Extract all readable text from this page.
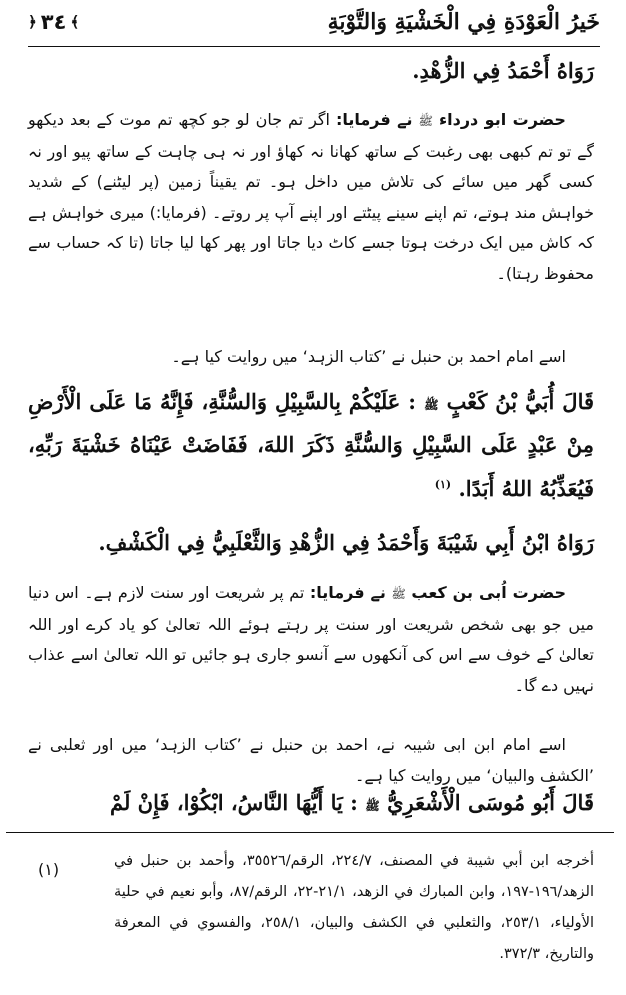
خَيرُ الْعَوْدَةِ فِي الْخَشْيَةِ وَالتَّوْبَةِ
﴾
٣٤
﴿
رَوَاهُ أَحْمَدُ فِي الزُّهْدِ.
حضرت ابو درداء ﷺ نے فرمایا: اگر تم جان لو جو کچھ تم موت کے بعد دیکھو گے تو تم کبھی بھی رغبت کے ساتھ کھانا نہ کھاؤ اور نہ ہی چاہت کے ساتھ پیو اور نہ کسی گھر میں سائے کی تلاش میں داخل ہو۔ تم یقیناً زمین (پر لیٹنے) کے شدید خواہش مند ہوتے، تم اپنے سینے پیٹتے اور اپنے آپ پر روتے۔ (فرمایا:) میری خواہش ہے کہ کاش میں ایک درخت ہوتا جسے کاٹ دیا جاتا اور پھر کھا لیا جاتا (تا کہ حساب سے محفوظ رہتا)۔
اسے امام احمد بن حنبل نے ’کتاب الزہد‘ میں روایت کیا ہے۔
قَالَ أُبَيُّ بْنُ كَعْبٍ ﷺ : عَلَيْكُمْ بِالسَّبِيْلِ وَالسُّنَّةِ، فَإِنَّهُ مَا عَلَى الْأَرْضِ مِنْ عَبْدٍ عَلَى السَّبِيْلِ وَالسُّنَّةِ ذَكَرَ اللهَ، فَفَاضَتْ عَيْنَاهُ خَشْيَةَ رَبِّهِ، فَيُعَذِّبُهُ اللهُ أَبَدًا. $^{(١)}$
رَوَاهُ ابْنُ أَبِي شَيْبَةَ وَأَحْمَدُ فِي الزُّهْدِ وَالثَّعْلَبِيُّ فِي الْكَشْفِ.
حضرت اُبی بن کعب ﷺ نے فرمایا: تم پر شریعت اور سنت لازم ہے۔ اس دنیا میں جو بھی شخص شریعت اور سنت پر رہتے ہوئے اللہ تعالیٰ کو یاد کرے اور اللہ تعالیٰ کے خوف سے اس کی آنکھوں سے آنسو جاری ہو جائیں تو اللہ تعالیٰ اسے عذاب نہیں دے گا۔
اسے امام ابن ابی شیبہ نے، احمد بن حنبل نے ’کتاب الزہد‘ میں اور ثعلبی نے ’الکشف والبیان‘ میں روایت کیا ہے۔
قَالَ أَبُو مُوسَى الْأَشْعَرِيُّ ﷺ : يَا أَيُّهَا النَّاسُ، ابْكُوْا، فَإِنْ لَمْ
(١)	أخرجه ابن أبي شيبة في المصنف، ٢٢٤/٧، الرقم/٣٥٥٢٦، وأحمد بن حنبل في الزهد/١٩٦-١٩٧، وابن المبارك في الزهد، ٢١/١-٢٢، الرقم/٨٧، وأبو نعيم في حلية الأولياء، ٢٥٣/١، والثعلبي في الكشف والبيان، ٢٥٨/١، والفسوي في المعرفة والتاريخ، ٣٧٢/٣.
